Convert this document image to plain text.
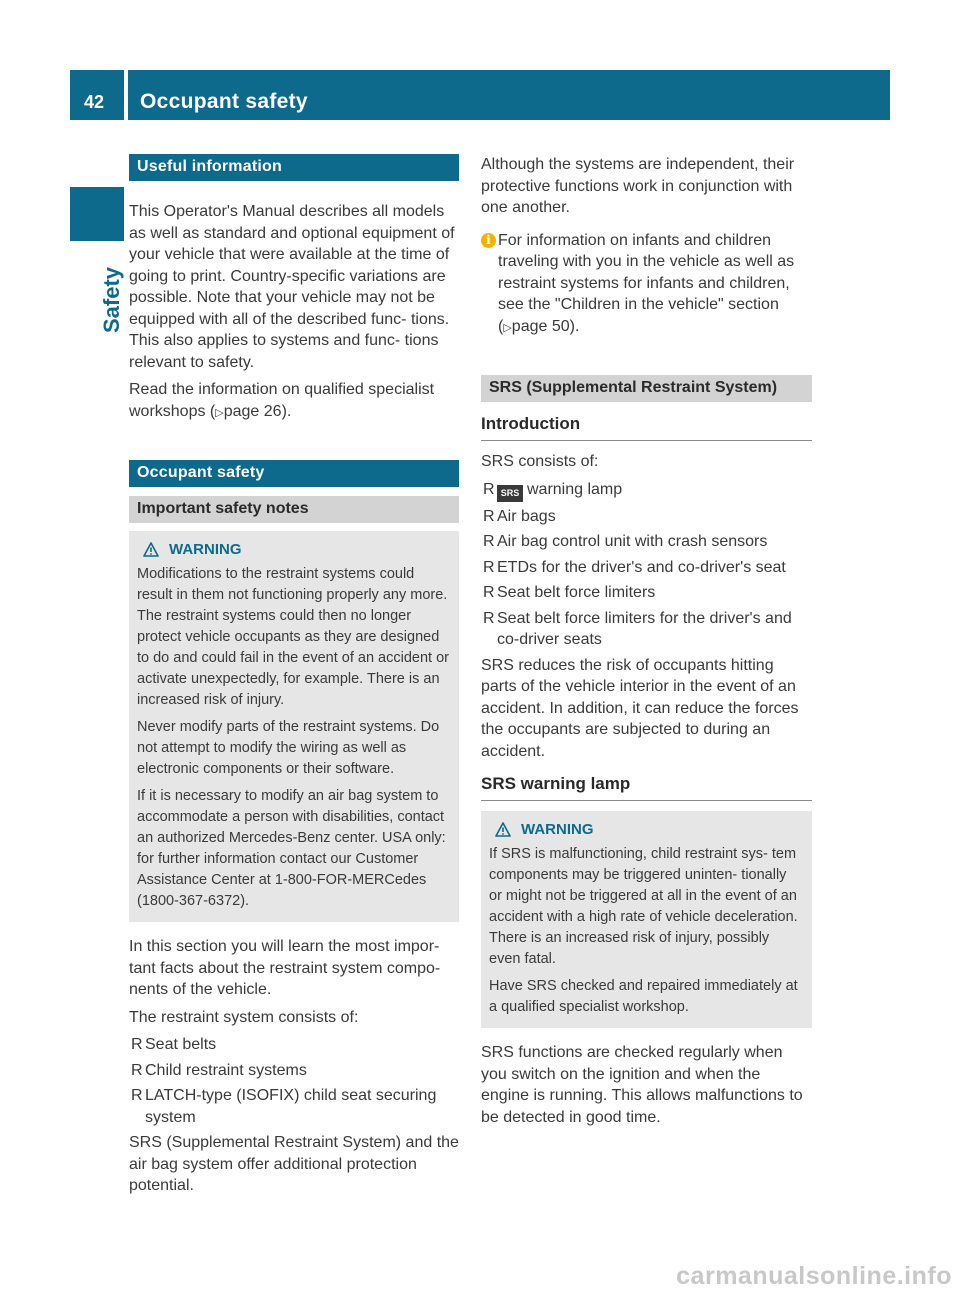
42 Occupant safety
Safety
Useful information

This Operator's Manual describes all models as well as standard and optional equipment of your vehicle that were available at the time of going to print. Country-specific variations are possible. Note that your vehicle may not be equipped with all of the described func- tions. This also applies to systems and func- tions relevant to safety.

Read the information on qualified specialist workshops (▷page 26).

Occupant safety
Important safety notes
WARNING

Modifications to the restraint systems could result in them not functioning properly any more. The restraint systems could then no longer protect vehicle occupants as they are designed to do and could fail in the event of an accident or activate unexpectedly, for example. There is an increased risk of injury.

Never modify parts of the restraint systems. Do not attempt to modify the wiring as well as electronic components or their software.

If it is necessary to modify an air bag system to accommodate a person with disabilities, contact an authorized Mercedes-Benz center. USA only: for further information contact our Customer Assistance Center at 1-800-FOR-MERCedes (1800-367-6372).

In this section you will learn the most impor- tant facts about the restraint system compo- nents of the vehicle.

The restraint system consists of:

R Seat belts
R Child restraint systems
R LATCH-type (ISOFIX) child seat securing system

SRS (Supplemental Restraint System) and the air bag system offer additional protection potential.

Although the systems are independent, their protective functions work in conjunction with one another.

i For information on infants and children traveling with you in the vehicle as well as restraint systems for infants and children, see the "Children in the vehicle" section (▷page 50).
SRS (Supplemental Restraint System)
Introduction

SRS consists of:

R SRS warning lamp
R Air bags
R Air bag control unit with crash sensors
R ETDs for the driver's and co-driver's seat
R Seat belt force limiters
R Seat belt force limiters for the driver's and co-driver seats

SRS reduces the risk of occupants hitting parts of the vehicle interior in the event of an accident. In addition, it can reduce the forces the occupants are subjected to during an accident.

SRS warning lamp
WARNING

If SRS is malfunctioning, child restraint sys- tem components may be triggered uninten- tionally or might not be triggered at all in the event of an accident with a high rate of vehicle deceleration. There is an increased risk of injury, possibly even fatal.

Have SRS checked and repaired immediately at a qualified specialist workshop.

SRS functions are checked regularly when you switch on the ignition and when the engine is running. This allows malfunctions to be detected in good time.

carmanualsonline.info
